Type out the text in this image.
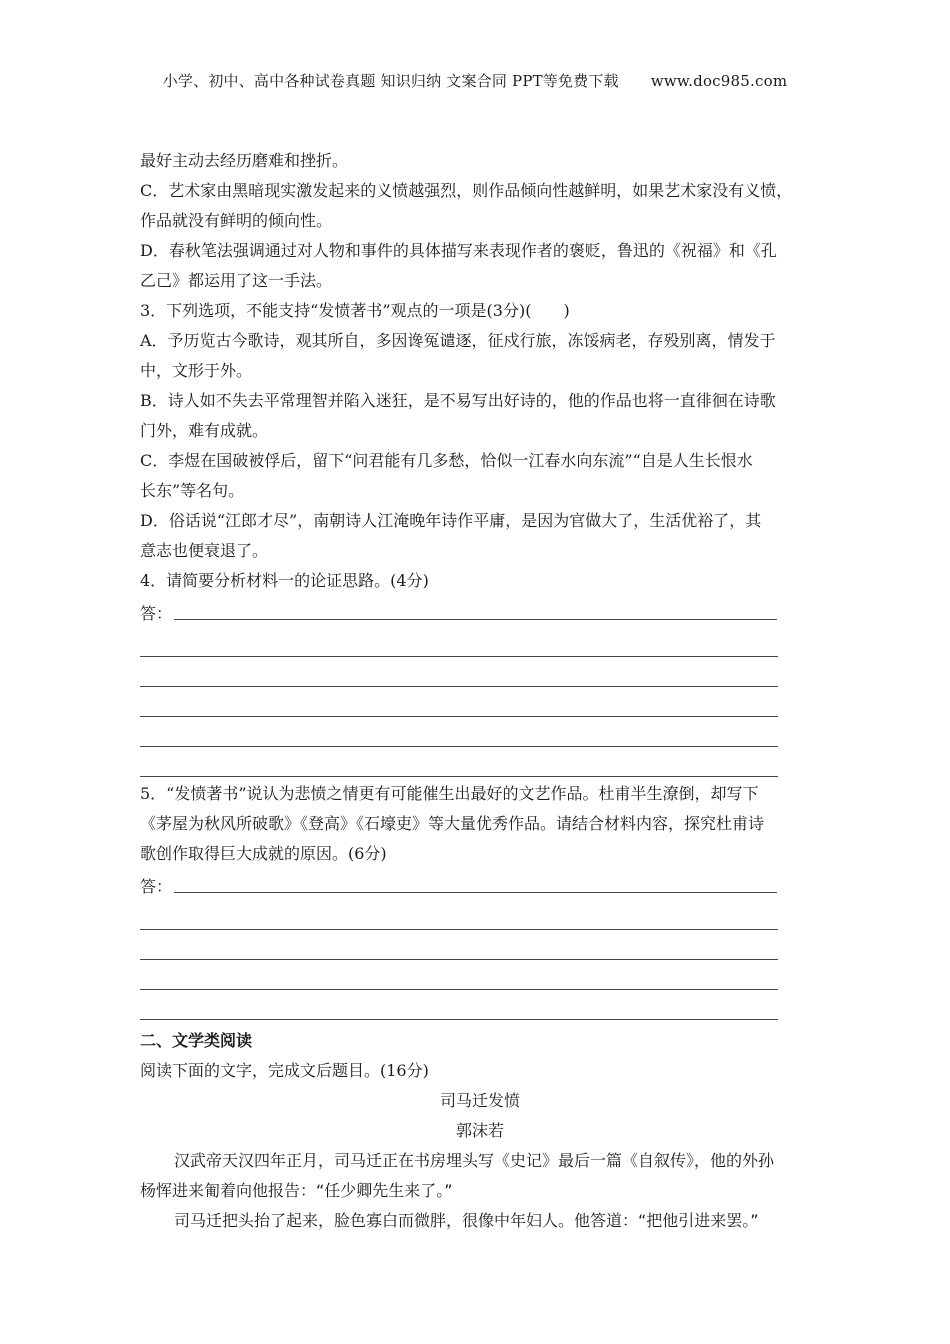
小学、初中、高中各种试卷真题 知识归纳 文案合同 PPT等免费下载 www.doc985.com
最好主动去经历磨难和挫折。
C．艺术家由黑暗现实激发起来的义愤越强烈，则作品倾向性越鲜明，如果艺术家没有义愤，
作品就没有鲜明的倾向性。
D．春秋笔法强调通过对人物和事件的具体描写来表现作者的褒贬，鲁迅的《祝福》和《孔
乙己》都运用了这一手法。
3．下列选项，不能支持“发愤著书”观点的一项是(3分)(　　)
A．予历览古今歌诗，观其所自，多因谗冤谴逐，征戍行旅，冻馁病老，存殁别离，情发于
中，文形于外。
B．诗人如不失去平常理智并陷入迷狂，是不易写出好诗的，他的作品也将一直徘徊在诗歌
门外，难有成就。
C．李煜在国破被俘后，留下“问君能有几多愁，恰似一江春水向东流”“自是人生长恨水
长东”等名句。
D．俗话说“江郎才尽”，南朝诗人江淹晚年诗作平庸，是因为官做大了，生活优裕了，其
意志也便衰退了。
4．请简要分析材料一的论证思路。(4分)
答：
5．“发愤著书”说认为悲愤之情更有可能催生出最好的文艺作品。杜甫半生潦倒，却写下
《茅屋为秋风所破歌》《登高》《石壕吏》等大量优秀作品。请结合材料内容，探究杜甫诗
歌创作取得巨大成就的原因。(6分)
答：
二、文学类阅读
阅读下面的文字，完成文后题目。(16分)
司马迁发愤
郭沫若
汉武帝天汉四年正月，司马迁正在书房埋头写《史记》最后一篇《自叙传》，他的外孙
杨恽进来匍着向他报告：“任少卿先生来了。”
司马迁把头抬了起来，脸色寡白而微胖，很像中年妇人。他答道：“把他引进来罢。”
